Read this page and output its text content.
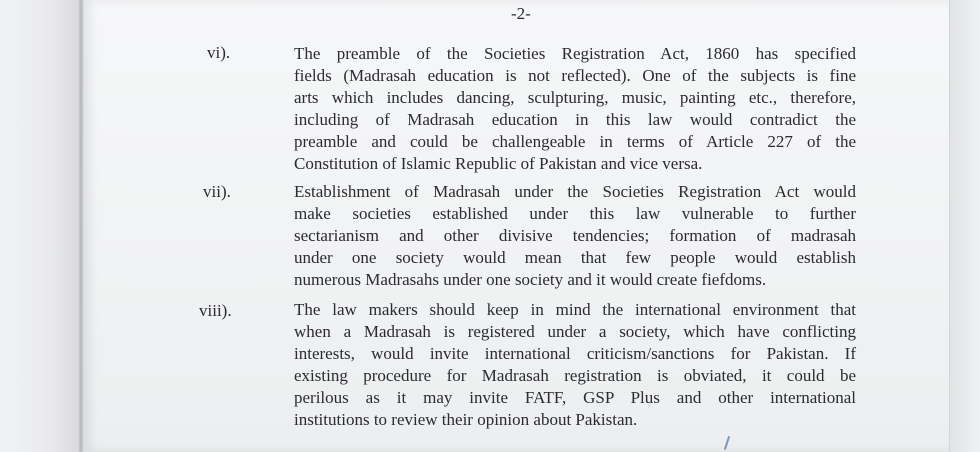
-2-
vi).	The preamble of the Societies Registration Act, 1860 has specified
fields (Madrasah education is not reflected). One of the subjects is fine
arts which includes dancing, sculpturing, music, painting etc., therefore,
including of Madrasah education in this law would contradict the
preamble and could be challengeable in terms of Article 227 of the
Constitution of Islamic Republic of Pakistan and vice versa.
vii).	Establishment of Madrasah under the Societies Registration Act would
make societies established under this law vulnerable to further
sectarianism and other divisive tendencies; formation of madrasah
under one society would mean that few people would establish
numerous Madrasahs under one society and it would create fiefdoms.
viii).	The law makers should keep in mind the international environment that
when a Madrasah is registered under a society, which have conflicting
interests, would invite international criticism/sanctions for Pakistan. If
existing procedure for Madrasah registration is obviated, it could be
perilous as it may invite FATF, GSP Plus and other international
institutions to review their opinion about Pakistan.
